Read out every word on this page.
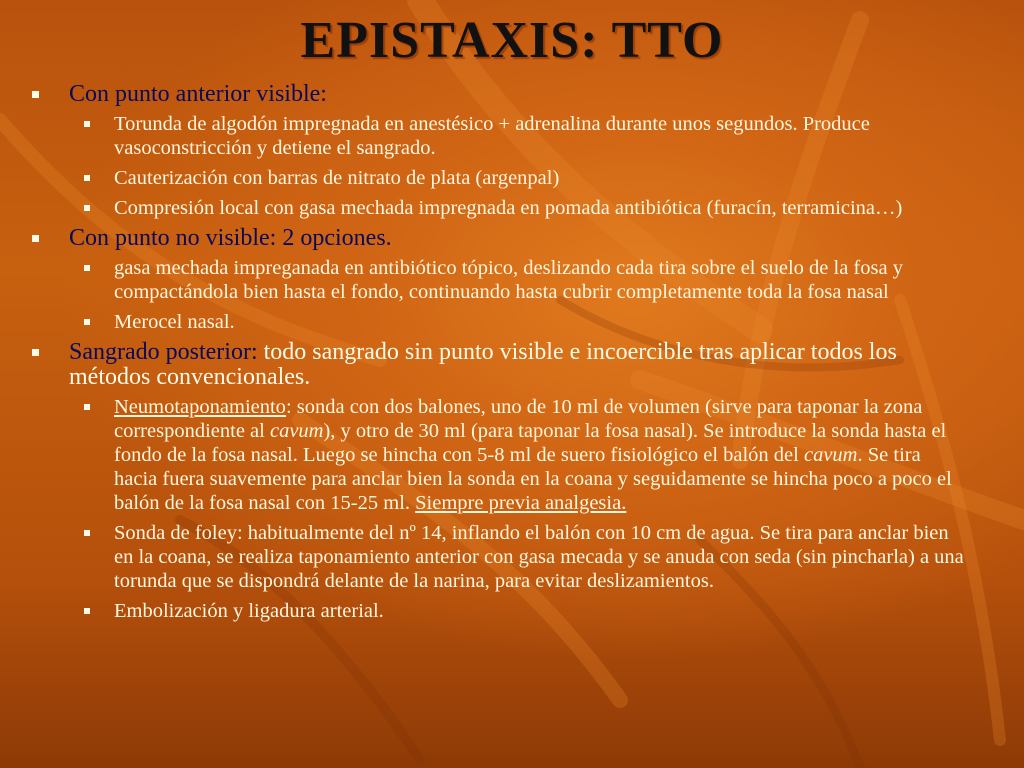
EPISTAXIS: TTO
Con punto anterior visible:
Torunda de algodón impregnada en anestésico + adrenalina durante unos segundos. Produce vasoconstricción y detiene el sangrado.
Cauterización con barras de nitrato de plata (argenpal)
Compresión local con gasa mechada impregnada en pomada antibiótica (furacín, terramicina…)
Con punto no visible: 2 opciones.
gasa mechada impreganada en antibiótico tópico, deslizando cada tira sobre el suelo de la fosa y compactándola bien hasta el fondo, continuando hasta cubrir completamente toda la fosa nasal
Merocel nasal.
Sangrado posterior: todo sangrado sin punto visible e incoercible tras aplicar todos los métodos convencionales.
Neumotaponamiento: sonda con dos balones, uno de 10 ml de volumen (sirve para taponar la zona correspondiente al cavum), y otro de 30 ml (para taponar la fosa nasal). Se introduce la sonda hasta el fondo de la fosa nasal. Luego se hincha con 5-8 ml de suero fisiológico el balón del cavum. Se tira hacia fuera suavemente para anclar bien la sonda en la coana y seguidamente se hincha poco a poco el balón de la fosa nasal con 15-25 ml. Siempre previa analgesia.
Sonda de foley: habitualmente del nº 14, inflando el balón con 10 cm de agua. Se tira para anclar bien en la coana, se realiza taponamiento anterior con gasa mecada y se anuda con seda (sin pincharla) a una torunda que se dispondrá delante de la narina, para evitar deslizamientos.
Embolización y ligadura arterial.
